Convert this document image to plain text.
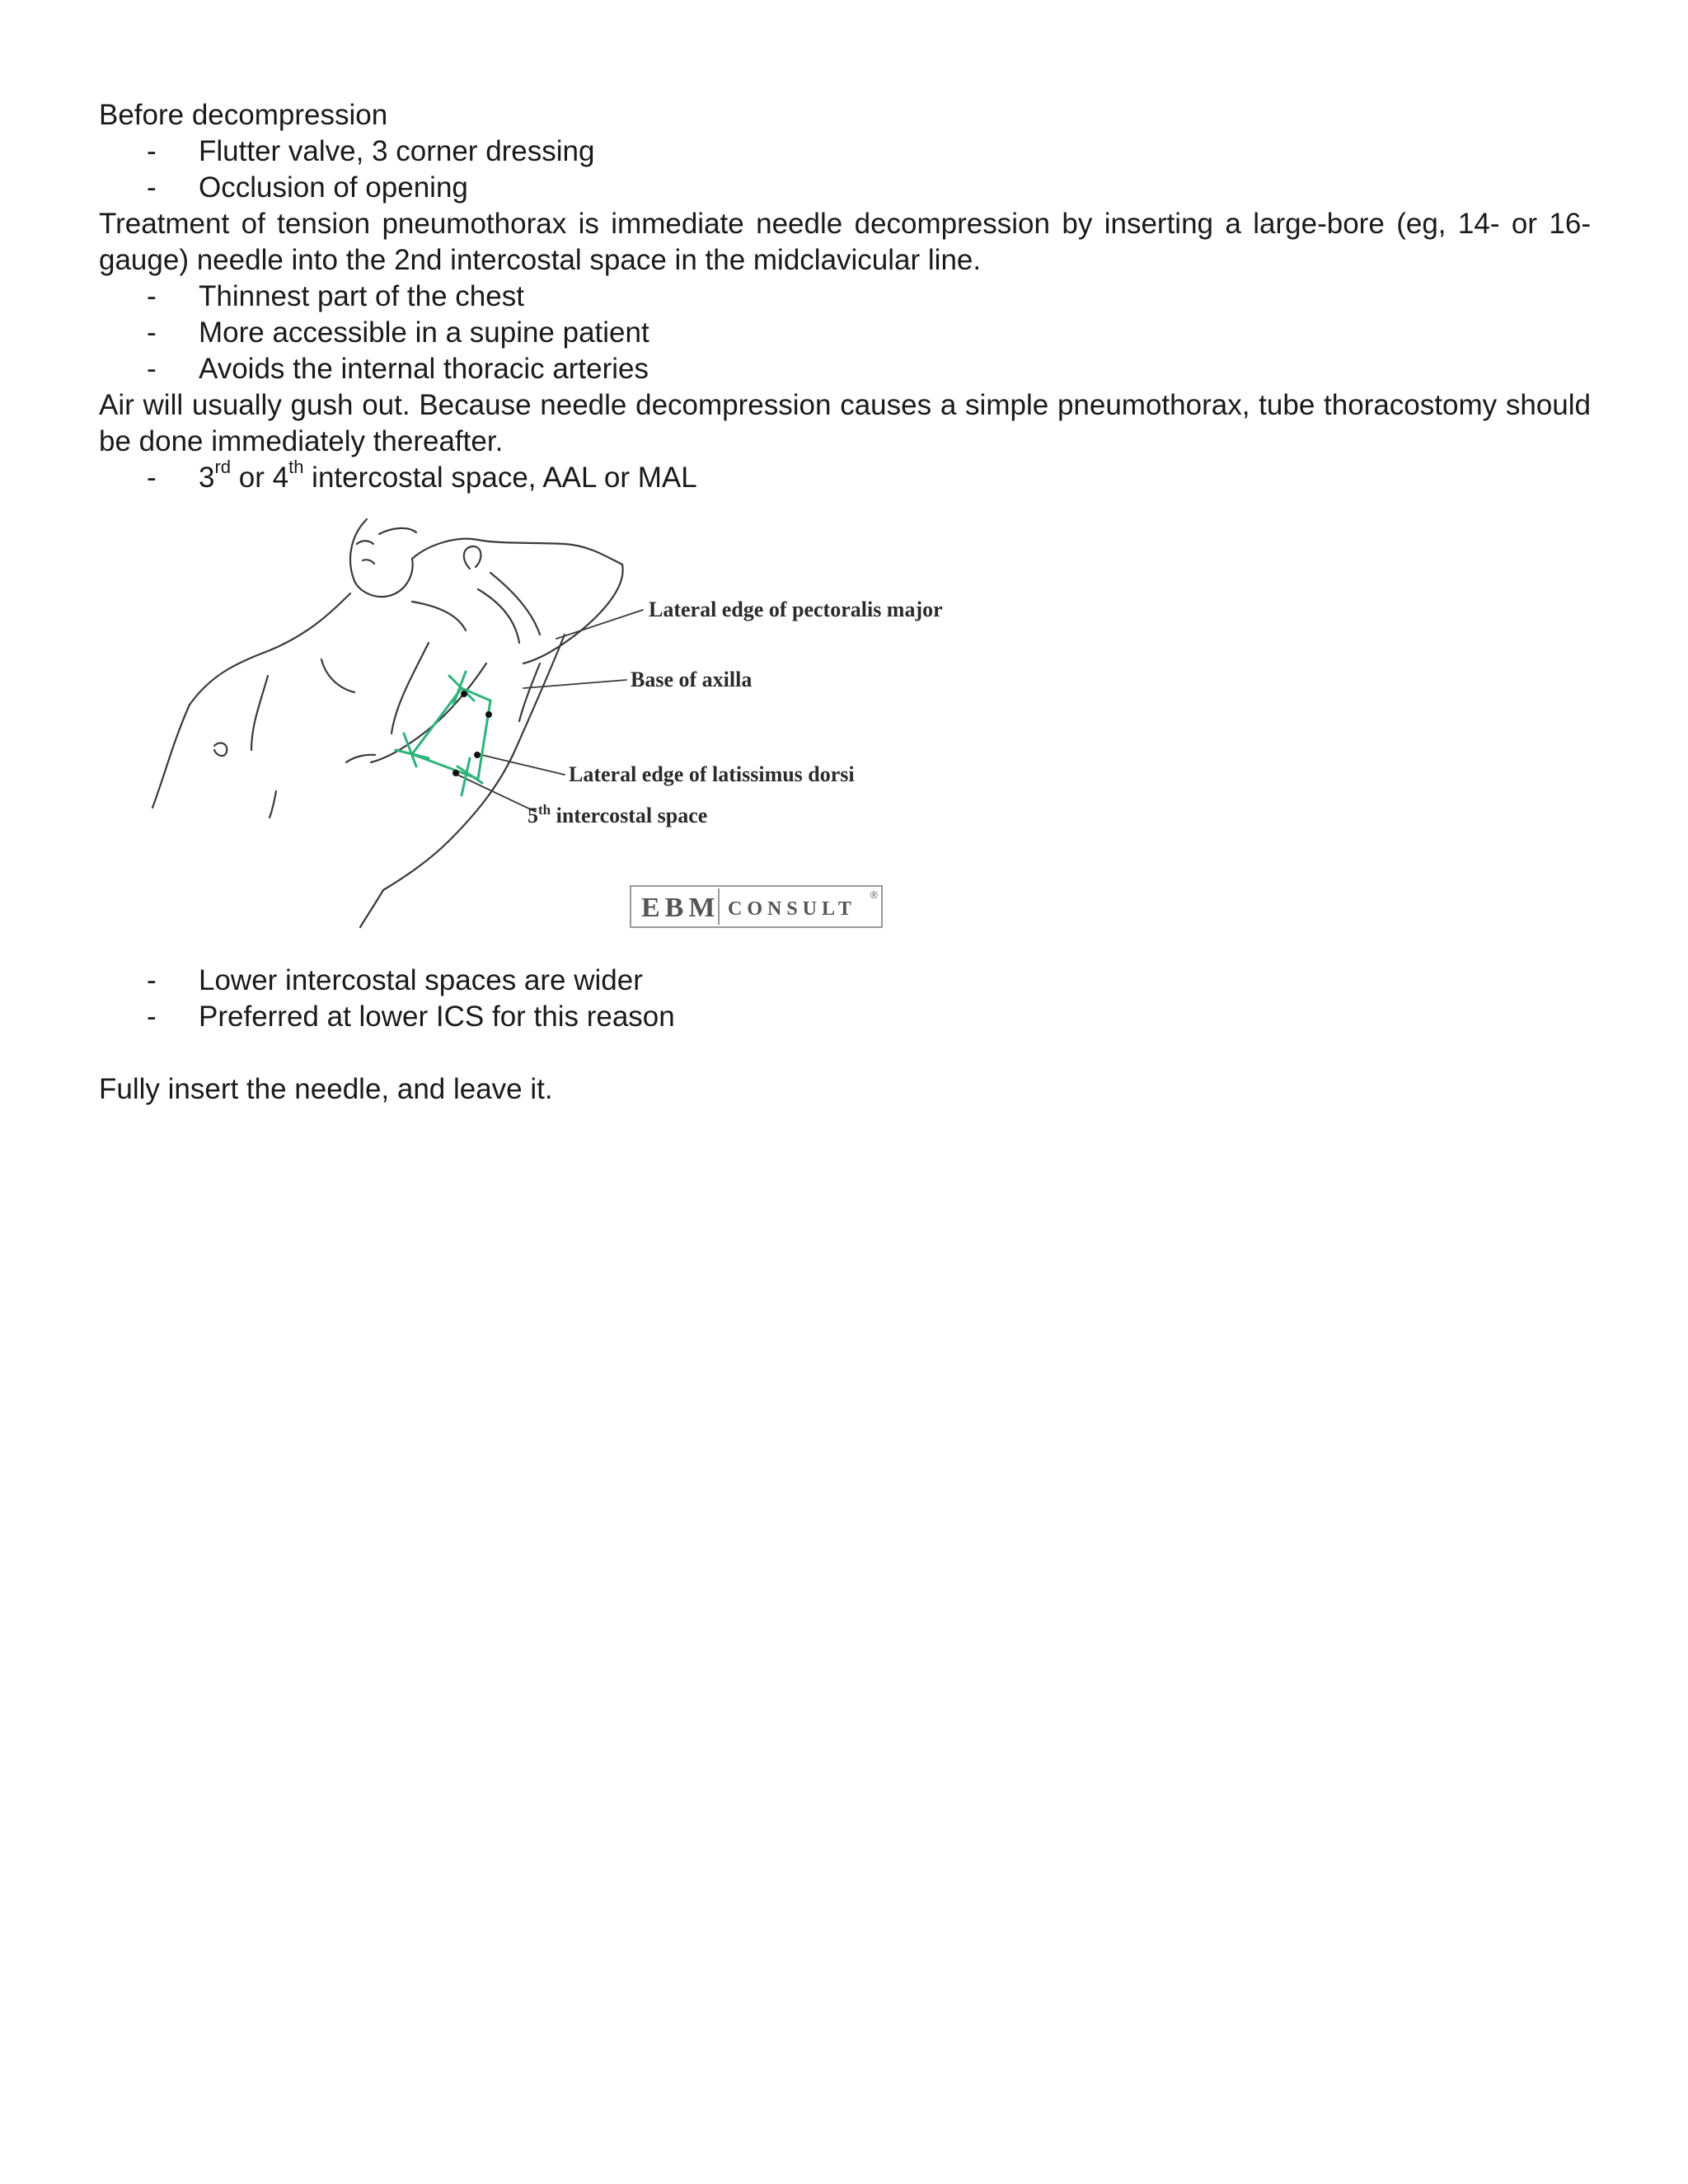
Before decompression
- Flutter valve, 3 corner dressing
- Occlusion of opening
Treatment of tension pneumothorax is immediate needle decompression by inserting a large-bore (eg, 14- or 16-gauge) needle into the 2nd intercostal space in the midclavicular line.
- Thinnest part of the chest
- More accessible in a supine patient
- Avoids the internal thoracic arteries
Air will usually gush out. Because needle decompression causes a simple pneumothorax, tube thoracostomy should be done immediately thereafter.
- 3rd or 4th intercostal space, AAL or MAL
Lateral edge of pectoralis major
Base of axilla
Lateral edge of latissimus dorsi
5th intercostal space
EBM CONSULT
®
- Lower intercostal spaces are wider
- Preferred at lower ICS for this reason
Fully insert the needle, and leave it.
